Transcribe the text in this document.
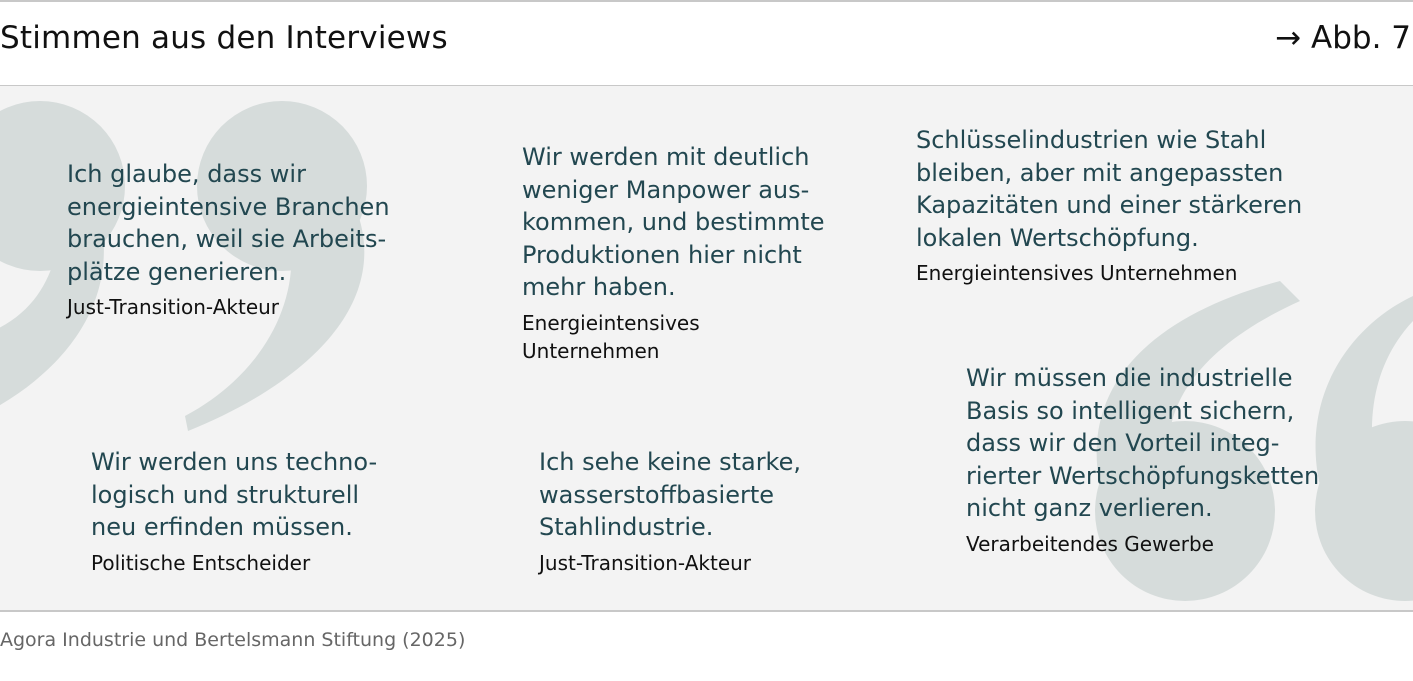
Stimmen aus den Interviews	→ Abb. 7

Ich glaube, dass wir energieintensive Branchen brauchen, weil sie Arbeits-plätze generieren.

Just-Transition-Akteur

Wir werden mit deutlich weniger Manpower aus-kommen, und bestimmte Produktionen hier nicht mehr haben.

Energieintensives Unternehmen

Schlüsselindustrien wie Stahl bleiben, aber mit angepassten Kapazitäten und einer stärkeren lokalen Wertschöpfung.

Energieintensives Unternehmen

Wir werden uns techno-logisch und strukturell neu erfinden müssen.

Politische Entscheider

Ich sehe keine starke, wasserstoffbasierte Stahlindustrie.

Just-Transition-Akteur

Wir müssen die industrielle Basis so intelligent sichern, dass wir den Vorteil integ-rierter Wertschöpfungsketten nicht ganz verlieren.

Verarbeitendes Gewerbe
Agora Industrie und Bertelsmann Stiftung (2025)
